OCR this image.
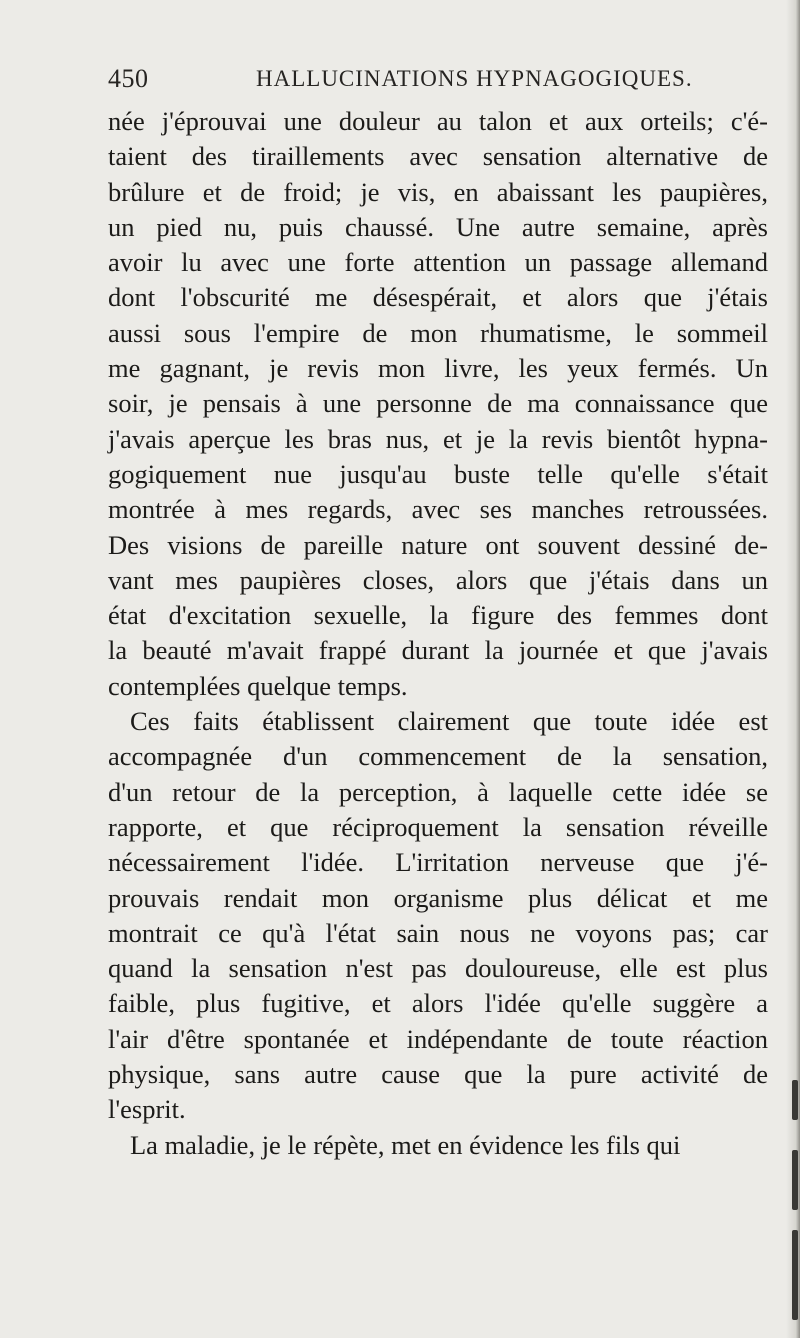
450	HALLUCINATIONS HYPNAGOGIQUES.
née j'éprouvai une douleur au talon et aux orteils; c'é-
taient des tiraillements avec sensation alternative de
brûlure et de froid; je vis, en abaissant les paupières,
un pied nu, puis chaussé. Une autre semaine, après
avoir lu avec une forte attention un passage allemand
dont l'obscurité me désespérait, et alors que j'étais
aussi sous l'empire de mon rhumatisme, le sommeil
me gagnant, je revis mon livre, les yeux fermés. Un
soir, je pensais à une personne de ma connaissance que
j'avais aperçue les bras nus, et je la revis bientôt hypna-
gogiquement nue jusqu'au buste telle qu'elle s'était
montrée à mes regards, avec ses manches retroussées.
Des visions de pareille nature ont souvent dessiné de-
vant mes paupières closes, alors que j'étais dans un
état d'excitation sexuelle, la figure des femmes dont
la beauté m'avait frappé durant la journée et que j'avais
contemplées quelque temps.
Ces faits établissent clairement que toute idée est
accompagnée d'un commencement de la sensation,
d'un retour de la perception, à laquelle cette idée se
rapporte, et que réciproquement la sensation réveille
nécessairement l'idée. L'irritation nerveuse que j'é-
prouvais rendait mon organisme plus délicat et me
montrait ce qu'à l'état sain nous ne voyons pas; car
quand la sensation n'est pas douloureuse, elle est plus
faible, plus fugitive, et alors l'idée qu'elle suggère a
l'air d'être spontanée et indépendante de toute réaction
physique, sans autre cause que la pure activité de
l'esprit.
La maladie, je le répète, met en évidence les fils qui
